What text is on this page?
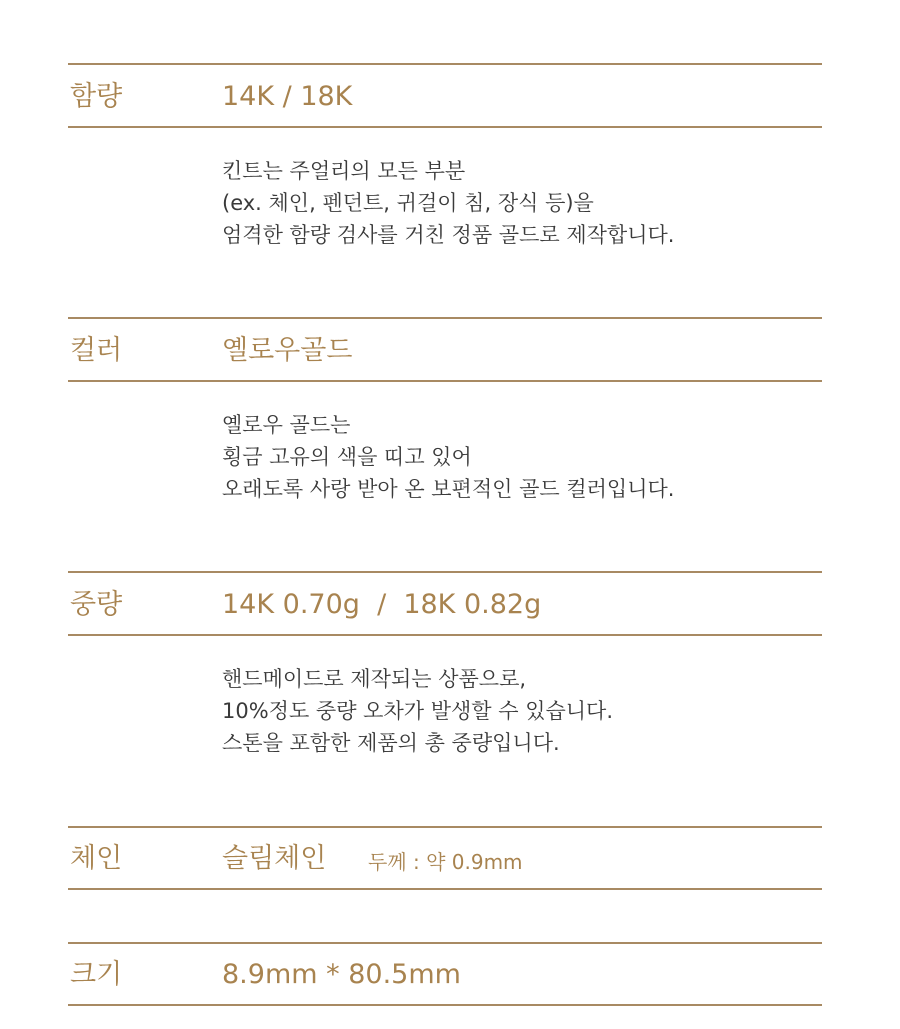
함량	14K / 18K
킨트는 주얼리의 모든 부분
(ex. 체인, 펜던트, 귀걸이 침, 장식 등)을
엄격한 함량 검사를 거친 정품 골드로 제작합니다.
컬러	옐로우골드
옐로우 골드는
횡금 고유의 색을 띠고 있어
오래도록 사랑 받아 온 보편적인 골드 컬러입니다.
중량	14K 0.70g  /  18K 0.82g
핸드메이드로 제작되는 상품으로,
10%정도 중량 오차가 발생할 수 있습니다.
스톤을 포함한 제품의 총 중량입니다.
체인	슬림체인 두께 : 약 0.9mm
크기	8.9mm * 80.5mm
